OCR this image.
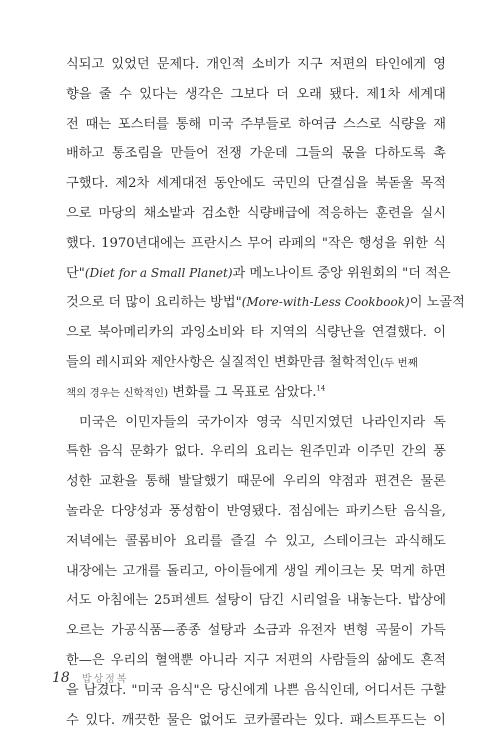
식되고 있었던 문제다. 개인적 소비가 지구 저편의 타인에게 영
향을 줄 수 있다는 생각은 그보다 더 오래 됐다. 제1차 세계대
전 때는 포스터를 통해 미국 주부들로 하여금 스스로 식량을 재
배하고 통조림을 만들어 전쟁 가운데 그들의 몫을 다하도록 촉
구했다. 제2차 세계대전 동안에도 국민의 단결심을 북돋울 목적
으로 마당의 채소밭과 검소한 식량배급에 적응하는 훈련을 실시
했다. 1970년대에는 프란시스 무어 라페의 "작은 행성을 위한 식
단"(Diet for a Small Planet)과 메노나이트 중앙 위원회의 "더 적은
것으로 더 많이 요리하는 방법"(More-with-Less Cookbook)이 노골적
으로 북아메리카의 과잉소비와 타 지역의 식량난을 연결했다. 이
들의 레시피와 제안사항은 실질적인 변화만큼 철학적인(두 번째
책의 경우는 신학적인) 변화를 그 목표로 삼았다.$^{14}$
미국은 이민자들의 국가이자 영국 식민지였던 나라인지라 독
특한 음식 문화가 없다. 우리의 요리는 원주민과 이주민 간의 풍
성한 교환을 통해 발달했기 때문에 우리의 약점과 편견은 물론
놀라운 다양성과 풍성함이 반영됐다. 점심에는 파키스탄 음식을,
저녁에는 콜롬비아 요리를 즐길 수 있고, 스테이크는 과식해도
내장에는 고개를 돌리고, 아이들에게 생일 케이크는 못 먹게 하면
서도 아침에는 25퍼센트 설탕이 담긴 시리얼을 내놓는다. 밥상에
오르는 가공식품—종종 설탕과 소금과 유전자 변형 곡물이 가득
한—은 우리의 혈액뿐 아니라 지구 저편의 사람들의 삶에도 흔적
을 남겼다. "미국 음식"은 당신에게 나쁜 음식인데, 어디서든 구할
수 있다. 깨끗한 물은 없어도 코카콜라는 있다. 패스트푸드는 이
18 밥상정복
